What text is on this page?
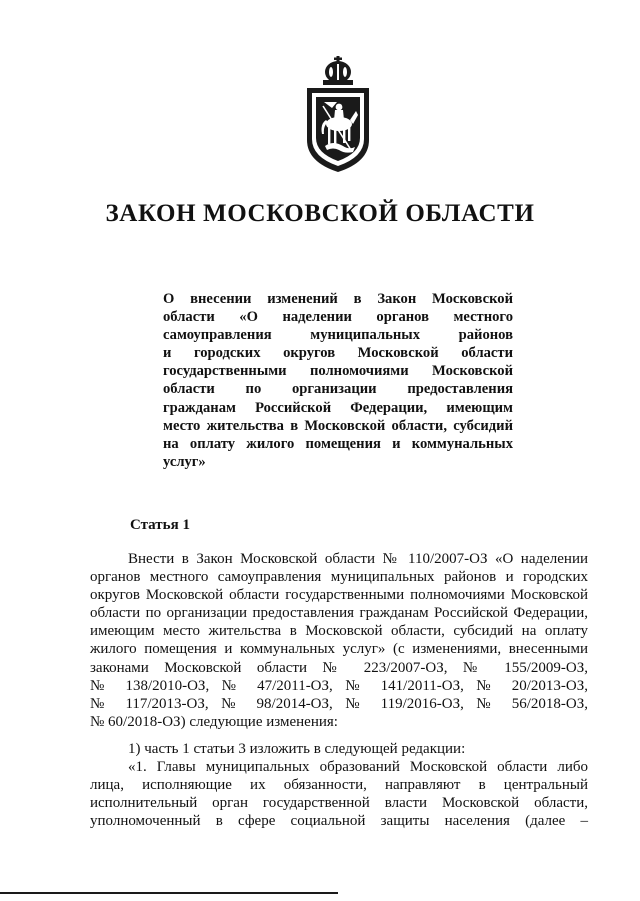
ЗАКОН МОСКОВСКОЙ ОБЛАСТИ
О внесении изменений в Закон Московской
области «О наделении органов местного
самоуправления муниципальных районов
и городских округов Московской области
государственными полномочиями Московской
области по организации предоставления
гражданам Российской Федерации, имеющим
место жительства в Московской области, субсидий
на оплату жилого помещения и коммунальных
услуг»
Статья 1
Внести в Закон Московской области № 110/2007-ОЗ «О наделении
органов местного самоуправления муниципальных районов и городских
округов Московской области государственными полномочиями Московской
области по организации предоставления гражданам Российской Федерации,
имеющим место жительства в Московской области, субсидий на оплату
жилого помещения и коммунальных услуг» (с изменениями, внесенными
законами Московской области № 223/2007-ОЗ, № 155/2009-ОЗ,
№ 138/2010-ОЗ, № 47/2011-ОЗ, № 141/2011-ОЗ, № 20/2013-ОЗ,
№ 117/2013-ОЗ, № 98/2014-ОЗ, № 119/2016-ОЗ, № 56/2018-ОЗ,
№ 60/2018-ОЗ) следующие изменения:
1) часть 1 статьи 3 изложить в следующей редакции:
«1. Главы муниципальных образований Московской области либо
лица, исполняющие их обязанности, направляют в центральный
исполнительный орган государственной власти Московской области,
уполномоченный в сфере социальной защиты населения (далее –
